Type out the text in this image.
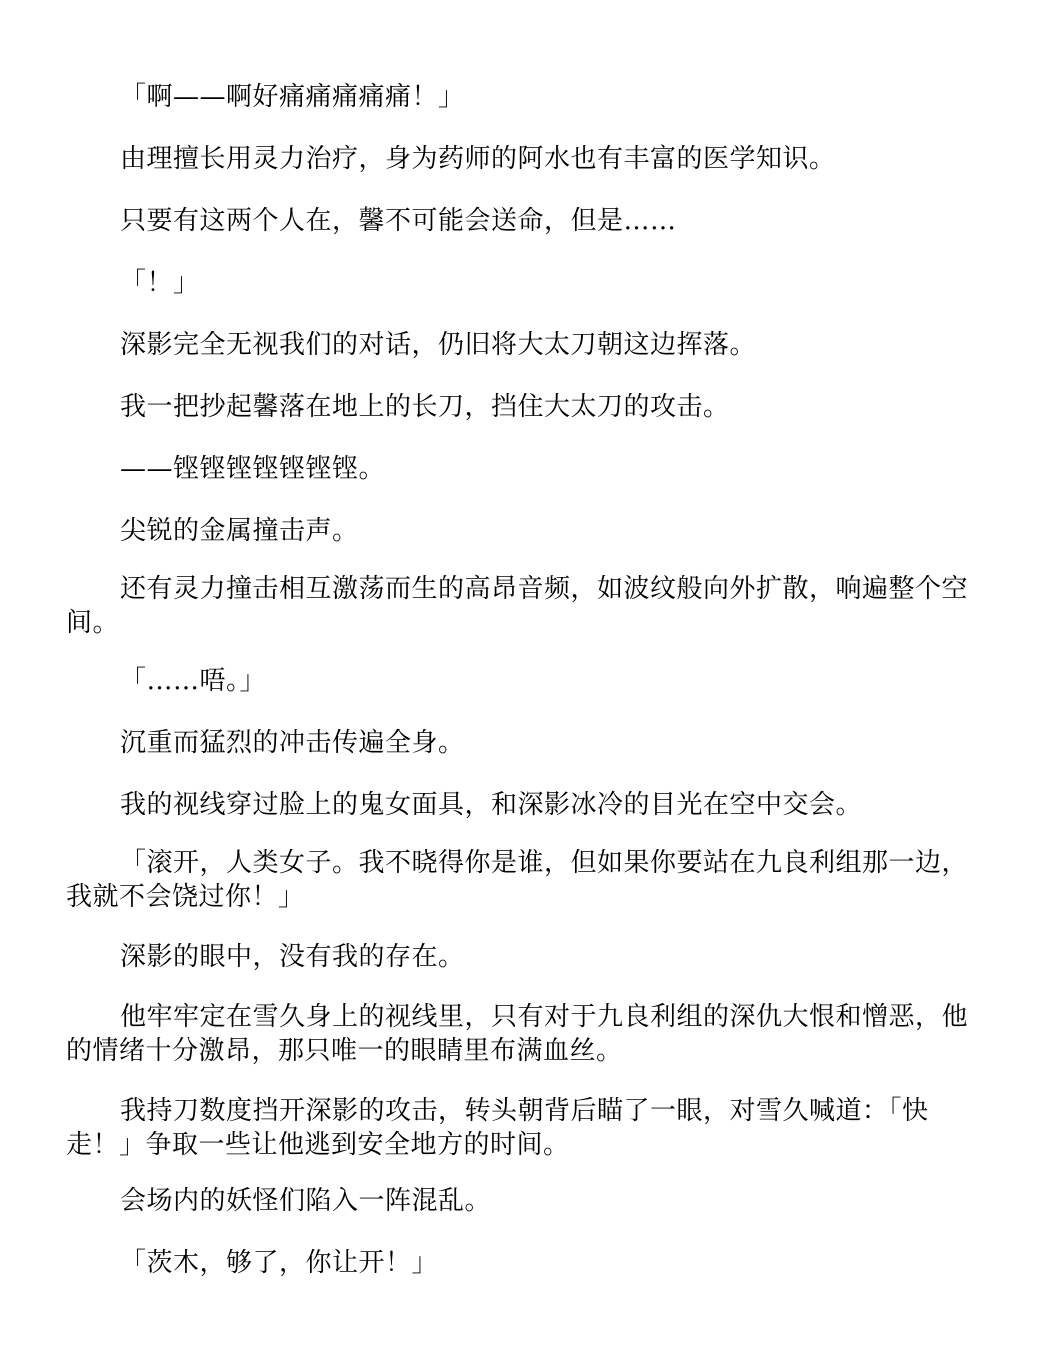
「啊——啊好痛痛痛痛痛！」

由理擅长用灵力治疗，身为药师的阿水也有丰富的医学知识。

只要有这两个人在，馨不可能会送命，但是……

「！」

深影完全无视我们的对话，仍旧将大太刀朝这边挥落。

我一把抄起馨落在地上的长刀，挡住大太刀的攻击。

——铿铿铿铿铿铿铿。

尖锐的金属撞击声。

还有灵力撞击相互激荡而生的高昂音频，如波纹般向外扩散，响遍整个空间。

「……唔。」

沉重而猛烈的冲击传遍全身。

我的视线穿过脸上的鬼女面具，和深影冰冷的目光在空中交会。

「滚开，人类女子。我不晓得你是谁，但如果你要站在九良利组那一边，我就不会饶过你！」

深影的眼中，没有我的存在。

他牢牢定在雪久身上的视线里，只有对于九良利组的深仇大恨和憎恶，他的情绪十分激昂，那只唯一的眼睛里布满血丝。

我持刀数度挡开深影的攻击，转头朝背后瞄了一眼，对雪久喊道：「快走！」争取一些让他逃到安全地方的时间。

会场内的妖怪们陷入一阵混乱。

「茨木，够了，你让开！」
